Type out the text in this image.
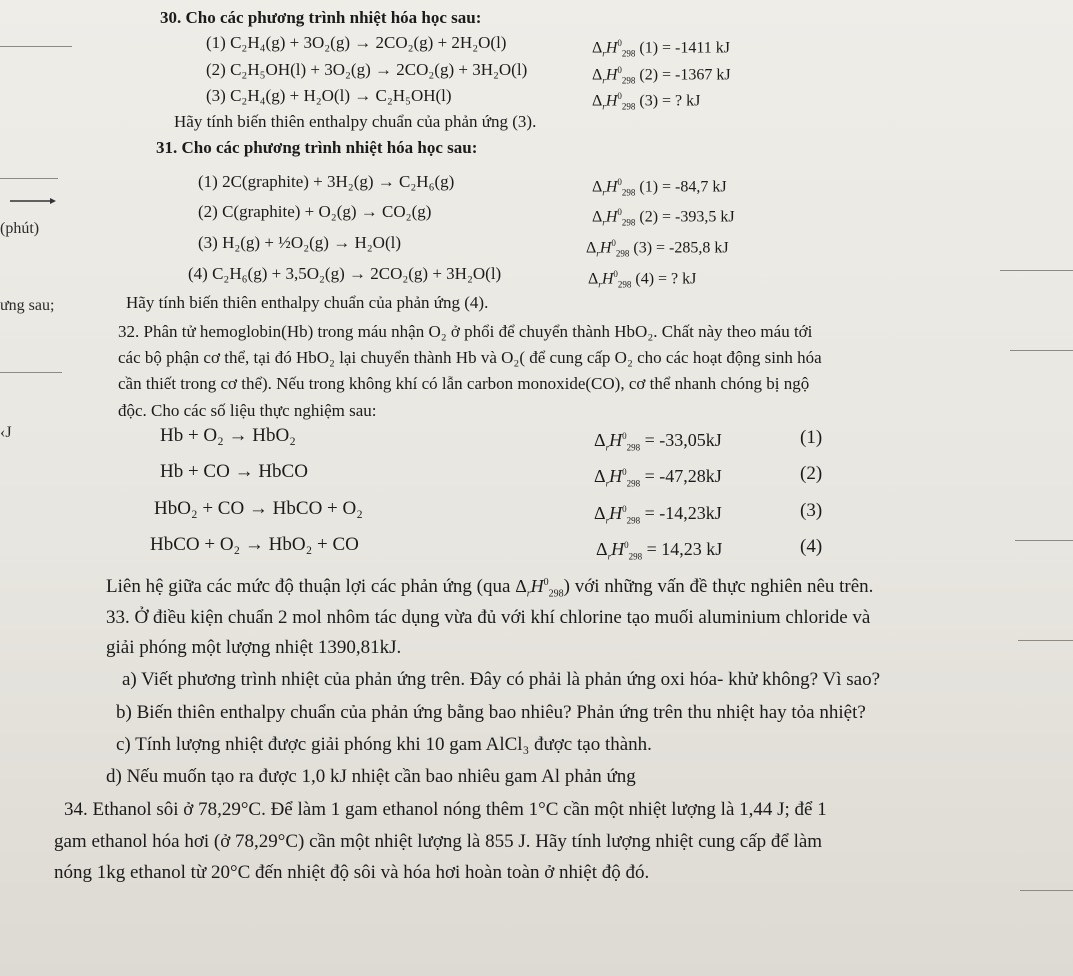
(phút)
ưng sau;
‹J
30. Cho các phương trình nhiệt hóa học sau:
(1) C₂H₄(g) + 3O₂(g) → 2CO₂(g) + 2H₂O(l)	$\Delta_rH^0_{298}$ (1) = -1411 kJ
(2) C₂H₅OH(l) + 3O₂(g) → 2CO₂(g) + 3H₂O(l)	$\Delta_rH^0_{298}$ (2) = -1367 kJ
(3) C₂H₄(g) + H₂O(l) → C₂H₅OH(l)	$\Delta_rH^0_{298}$ (3) = ? kJ
Hãy tính biến thiên enthalpy chuẩn của phản ứng (3).
31. Cho các phương trình nhiệt hóa học sau:
(1) 2C(graphite) + 3H₂(g) → C₂H₆(g)	$\Delta_rH^0_{298}$ (1) = -84,7 kJ
(2) C(graphite) + O₂(g) → CO₂(g)	$\Delta_rH^0_{298}$ (2) = -393,5 kJ
(3) H₂(g) + ½O₂(g) → H₂O(l)	$\Delta_rH^0_{298}$ (3) = -285,8 kJ
(4) C₂H₆(g) + 3,5O₂(g) → 2CO₂(g) + 3H₂O(l)	$\Delta_rH^0_{298}$ (4) = ? kJ
Hãy tính biến thiên enthalpy chuẩn của phản ứng (4).
32. Phân tử hemoglobin(Hb) trong máu nhận O₂ ở phổi để chuyển thành HbO₂. Chất này theo máu tới
các bộ phận cơ thể, tại đó HbO₂ lại chuyển thành Hb và O₂( để cung cấp O₂ cho các hoạt động sinh hóa
cần thiết trong cơ thể). Nếu trong không khí có lẫn carbon monoxide(CO), cơ thể nhanh chóng bị ngộ
độc. Cho các số liệu thực nghiệm sau:
Hb + O₂ → HbO₂	$\Delta_rH^0_{298} = -33,05kJ$	(1)
Hb + CO → HbCO	$\Delta_rH^0_{298} = -47,28kJ$	(2)
HbO₂ + CO → HbCO + O₂	$\Delta_rH^0_{298} = -14,23kJ$	(3)
HbCO + O₂ → HbO₂ + CO	$\Delta_rH^0_{298} = 14,23$ kJ	(4)
Liên hệ giữa các mức độ thuận lợi các phản ứng (qua $\Delta_rH^0_{298}$) với những vấn đề thực nghiên nêu trên.
33. Ở điều kiện chuẩn 2 mol nhôm tác dụng vừa đủ với khí chlorine tạo muối aluminium chloride và
giải phóng một lượng nhiệt 1390,81kJ.
a) Viết phương trình nhiệt của phản ứng trên. Đây có phải là phản ứng oxi hóa- khử không? Vì sao?
b) Biến thiên enthalpy chuẩn của phản ứng bằng bao nhiêu? Phản ứng trên thu nhiệt hay tỏa nhiệt?
c) Tính lượng nhiệt được giải phóng khi 10 gam AlCl₃ được tạo thành.
d) Nếu muốn tạo ra được 1,0 kJ nhiệt cần bao nhiêu gam Al phản ứng
34. Ethanol sôi ở 78,29°C. Để làm 1 gam ethanol nóng thêm 1°C cần một nhiệt lượng là 1,44 J; để 1
gam ethanol hóa hơi (ở 78,29°C) cần một nhiệt lượng là 855 J. Hãy tính lượng nhiệt cung cấp để làm
nóng 1kg ethanol từ 20°C đến nhiệt độ sôi và hóa hơi hoàn toàn ở nhiệt độ đó.
